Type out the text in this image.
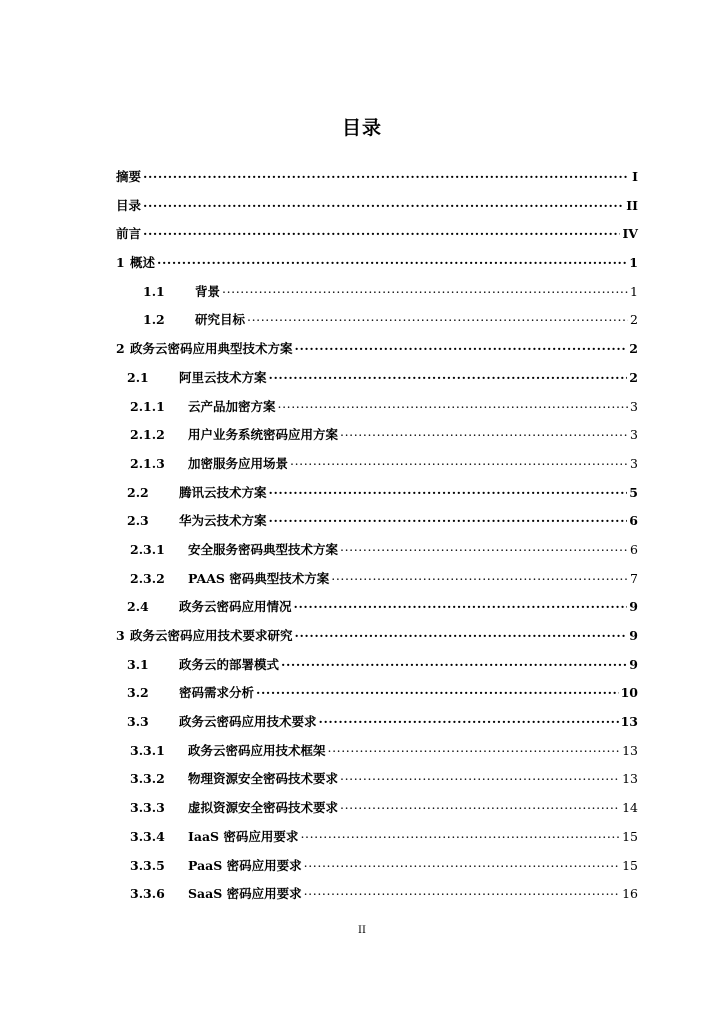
目录
摘要 .....	I
目录 .....	II
前言 .....	IV
1 概述 .....	1
1.1	背景 .....	1
1.2	研究目标 .....	2
2 政务云密码应用典型技术方案 .....	2
2.1	阿里云技术方案 .....	2
2.1.1	云产品加密方案 .....	3
2.1.2	用户业务系统密码应用方案 .....	3
2.1.3	加密服务应用场景 .....	3
2.2	腾讯云技术方案 .....	5
2.3	华为云技术方案 .....	6
2.3.1	安全服务密码典型技术方案 .....	6
2.3.2	PAAS 密码典型技术方案 .....	7
2.4	政务云密码应用情况 .....	9
3 政务云密码应用技术要求研究 .....	9
3.1	政务云的部署模式 .....	9
3.2	密码需求分析 .....	10
3.3	政务云密码应用技术要求 .....	13
3.3.1	政务云密码应用技术框架 .....	13
3.3.2	物理资源安全密码技术要求 .....	13
3.3.3	虚拟资源安全密码技术要求 .....	14
3.3.4	IaaS 密码应用要求 .....	15
3.3.5	PaaS 密码应用要求 .....	15
3.3.6	SaaS 密码应用要求 .....	16
II
